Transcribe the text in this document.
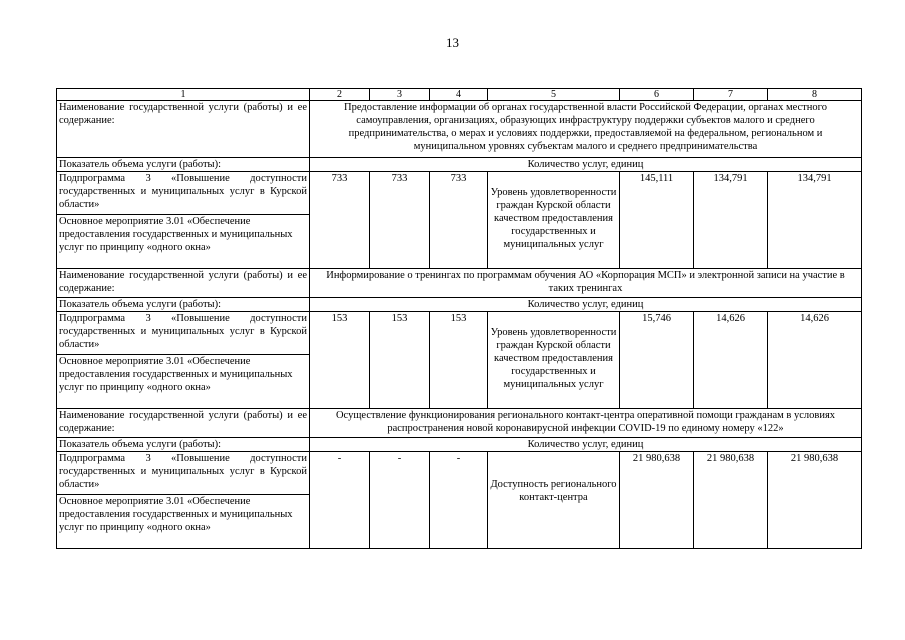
13
1	2	3	4	5	6	7	8
Наименование государственной услуги (работы) и ее содержание:	Предоставление информации об органах государственной власти Российской Федерации, органах местного самоуправления, организациях, образующих инфраструктуру поддержки субъектов малого и среднего предпринимательства, о мерах и условиях поддержки, предоставляемой на федеральном, региональном и муниципальном уровнях субъектам малого и среднего предпринимательства						
Показатель объема услуги (работы):	Количество услуг, единиц						
Подпрограмма 3 «Повышение доступности государственных и муниципальных услуг в Курской области»	733	733	733	Уровень удовлетворенности граждан Курской области качеством предоставления государственных и муниципальных услуг	145,111	134,791	134,791
Основное мероприятие 3.01 «Обеспечение предоставления государственных и муниципальных услуг по принципу «одного окна»							
Наименование государственной услуги (работы) и ее содержание:	Информирование о тренингах по программам обучения АО «Корпорация МСП» и электронной записи на участие в таких тренингах						
Показатель объема услуги (работы):	Количество услуг, единиц						
Подпрограмма 3 «Повышение доступности государственных и муниципальных услуг в Курской области»	153	153	153	Уровень удовлетворенности граждан Курской области качеством предоставления государственных и муниципальных услуг	15,746	14,626	14,626
Основное мероприятие 3.01 «Обеспечение предоставления государственных и муниципальных услуг по принципу «одного окна»							
Наименование государственной услуги (работы) и ее содержание:	Осуществление функционирования регионального контакт-центра оперативной помощи гражданам в условиях распространения новой коронавирусной инфекции COVID-19 по единому номеру «122»						
Показатель объема услуги (работы):	Количество услуг, единиц						
Подпрограмма 3 «Повышение доступности государственных и муниципальных услуг в Курской области»	-	-	-	Доступность регионального контакт-центра	21 980,638	21 980,638	21 980,638
Основное мероприятие 3.01 «Обеспечение предоставления государственных и муниципальных услуг по принципу «одного окна»							
